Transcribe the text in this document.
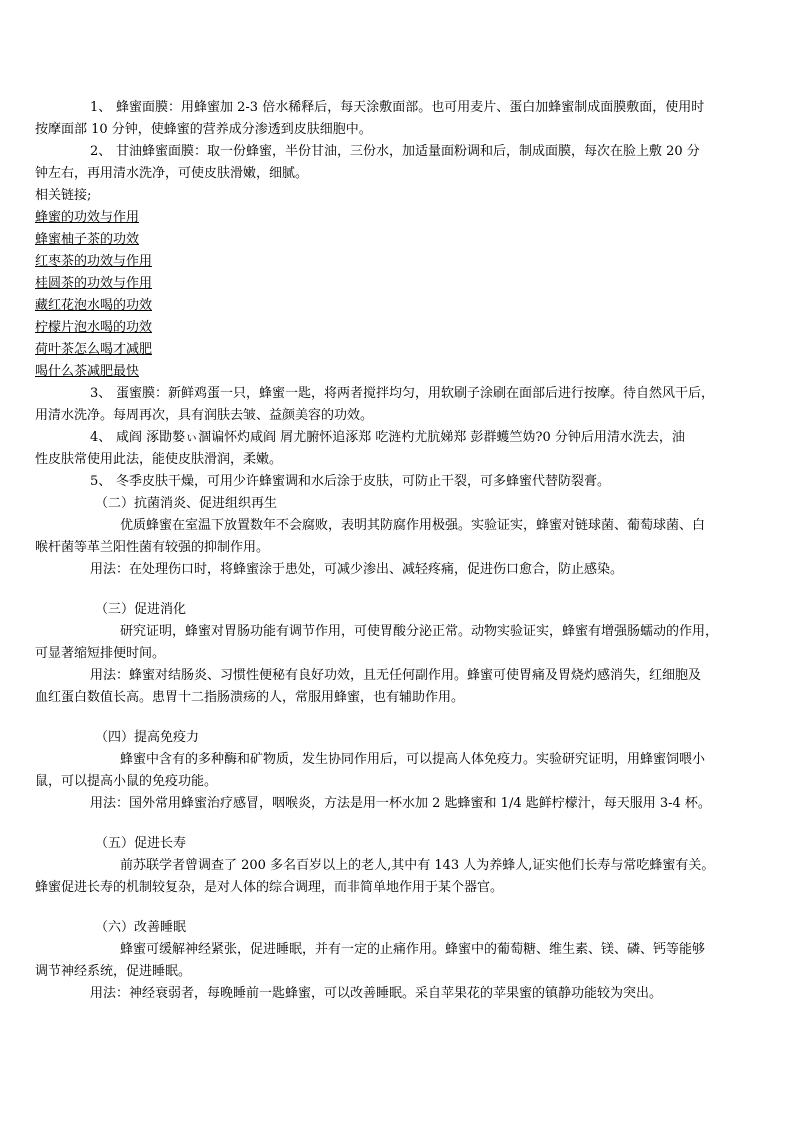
1、 蜂蜜面膜：用蜂蜜加 2-3 倍水稀释后，每天涂敷面部。也可用麦片、蛋白加蜂蜜制成面膜敷面，使用时
按摩面部 10 分钟，使蜂蜜的营养成分渗透到皮肤细胞中。
2、 甘油蜂蜜面膜：取一份蜂蜜，半份甘油，三份水，加适量面粉调和后，制成面膜，每次在脸上敷 20 分
钟左右，再用清水洗净，可使皮肤滑嫩，细腻。
相关链接;
蜂蜜的功效与作用
蜂蜜柚子茶的功效
红枣茶的功效与作用
桂圆茶的功效与作用
藏红花泡水喝的功效
柠檬片泡水喝的功效
荷叶茶怎么喝才减肥
喝什么茶减肥最快
3、 蛋蜜膜：新鲜鸡蛋一只，蜂蜜一匙，将两者搅拌均匀，用软刷子涂刷在面部后进行按摩。待自然风干后，
用清水洗净。每周再次，具有润肤去皱、益颜美容的功效。
4、 咸阎 涿勖嫯ぃ涸谝怀灼咸阎 屑尤腑怀追涿郑 吃涟杓尤肮娣郑 彭群蠖竺妫?0 分钟后用清水洗去，油
性皮肤常使用此法，能使皮肤滑润，柔嫩。
5、 冬季皮肤干燥，可用少许蜂蜜调和水后涂于皮肤，可防止干裂，可多蜂蜜代替防裂膏。
（二）抗菌消炎、促进组织再生
优质蜂蜜在室温下放置数年不会腐败，表明其防腐作用极强。实验证实，蜂蜜对链球菌、葡萄球菌、白
喉杆菌等革兰阳性菌有较强的抑制作用。
用法：在处理伤口时，将蜂蜜涂于患处，可减少渗出、减轻疼痛，促进伤口愈合，防止感染。
（三）促进消化
研究证明，蜂蜜对胃肠功能有调节作用，可使胃酸分泌正常。动物实验证实，蜂蜜有增强肠蠕动的作用，
可显著缩短排便时间。
用法：蜂蜜对结肠炎、习惯性便秘有良好功效，且无任何副作用。蜂蜜可使胃痛及胃烧灼感消失，红细胞及
血红蛋白数值长高。患胃十二指肠溃疡的人，常服用蜂蜜，也有辅助作用。
（四）提高免疫力
蜂蜜中含有的多种酶和矿物质，发生协同作用后，可以提高人体免疫力。实验研究证明，用蜂蜜饲喂小
鼠，可以提高小鼠的免疫功能。
用法：国外常用蜂蜜治疗感冒，咽喉炎，方法是用一杯水加 2 匙蜂蜜和 1/4 匙鲜柠檬汁，每天服用 3-4 杯。
（五）促进长寿
前苏联学者曾调查了 200 多名百岁以上的老人,其中有 143 人为养蜂人,证实他们长寿与常吃蜂蜜有关。
蜂蜜促进长寿的机制较复杂，是对人体的综合调理，而非简单地作用于某个器官。
（六）改善睡眠
蜂蜜可缓解神经紧张，促进睡眠，并有一定的止痛作用。蜂蜜中的葡萄糖、维生素、镁、磷、钙等能够
调节神经系统，促进睡眠。
用法：神经衰弱者，每晚睡前一匙蜂蜜，可以改善睡眠。采自苹果花的苹果蜜的镇静功能较为突出。
